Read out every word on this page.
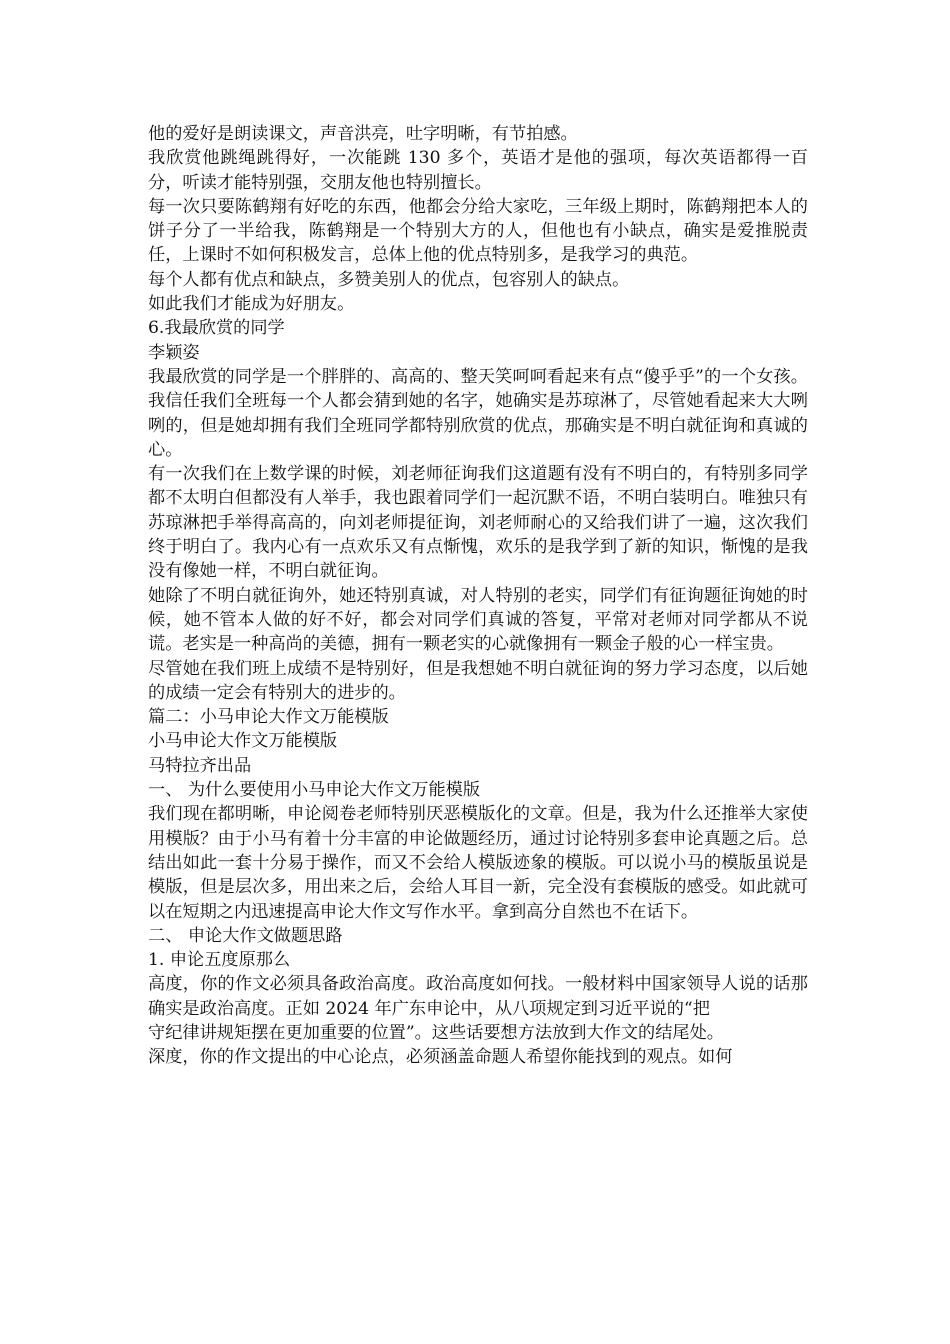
他的爱好是朗读课文，声音洪亮，吐字明晰，有节拍感。

我欣赏他跳绳跳得好，一次能跳 130 多个，英语才是他的强项，每次英语都得一百分，听读才能特别强，交朋友他也特别擅长。

每一次只要陈鹤翔有好吃的东西，他都会分给大家吃，三年级上期时，陈鹤翔把本人的饼子分了一半给我，陈鹤翔是一个特别大方的人，但他也有小缺点，确实是爱推脱责任，上课时不如何积极发言，总体上他的优点特别多，是我学习的典范。

每个人都有优点和缺点，多赞美别人的优点，包容别人的缺点。

如此我们才能成为好朋友。

6.我最欣赏的同学

李颖姿

我最欣赏的同学是一个胖胖的、高高的、整天笑呵呵看起来有点“傻乎乎”的一个女孩。我信任我们全班每一个人都会猜到她的名字，她确实是苏琼淋了，尽管她看起来大大咧咧的，但是她却拥有我们全班同学都特别欣赏的优点，那确实是不明白就征询和真诚的心。

有一次我们在上数学课的时候，刘老师征询我们这道题有没有不明白的，有特别多同学都不太明白但都没有人举手，我也跟着同学们一起沉默不语，不明白装明白。唯独只有苏琼淋把手举得高高的，向刘老师提征询，刘老师耐心的又给我们讲了一遍，这次我们终于明白了。我内心有一点欢乐又有点惭愧，欢乐的是我学到了新的知识，惭愧的是我没有像她一样，不明白就征询。

她除了不明白就征询外，她还特别真诚，对人特别的老实，同学们有征询题征询她的时候，她不管本人做的好不好，都会对同学们真诚的答复，平常对老师对同学都从不说谎。老实是一种高尚的美德，拥有一颗老实的心就像拥有一颗金子般的心一样宝贵。

尽管她在我们班上成绩不是特别好，但是我想她不明白就征询的努力学习态度，以后她的成绩一定会有特别大的进步的。

篇二：小马申论大作文万能模版

小马申论大作文万能模版

马特拉齐出品

一、 为什么要使用小马申论大作文万能模版

我们现在都明晰，申论阅卷老师特别厌恶模版化的文章。但是，我为什么还推举大家使用模版？由于小马有着十分丰富的申论做题经历，通过讨论特别多套申论真题之后。总结出如此一套十分易于操作，而又不会给人模版迹象的模版。可以说小马的模版虽说是模版，但是层次多，用出来之后，会给人耳目一新，完全没有套模版的感受。如此就可以在短期之内迅速提高申论大作文写作水平。拿到高分自然也不在话下。

二、 申论大作文做题思路

1. 申论五度原那么

高度，你的作文必须具备政治高度。政治高度如何找。一般材料中国家领导人说的话那确实是政治高度。正如 2024 年广东申论中，从八项规定到习近平说的“把

守纪律讲规矩摆在更加重要的位置”。这些话要想方法放到大作文的结尾处。

深度，你的作文提出的中心论点，必须涵盖命题人希望你能找到的观点。如何
